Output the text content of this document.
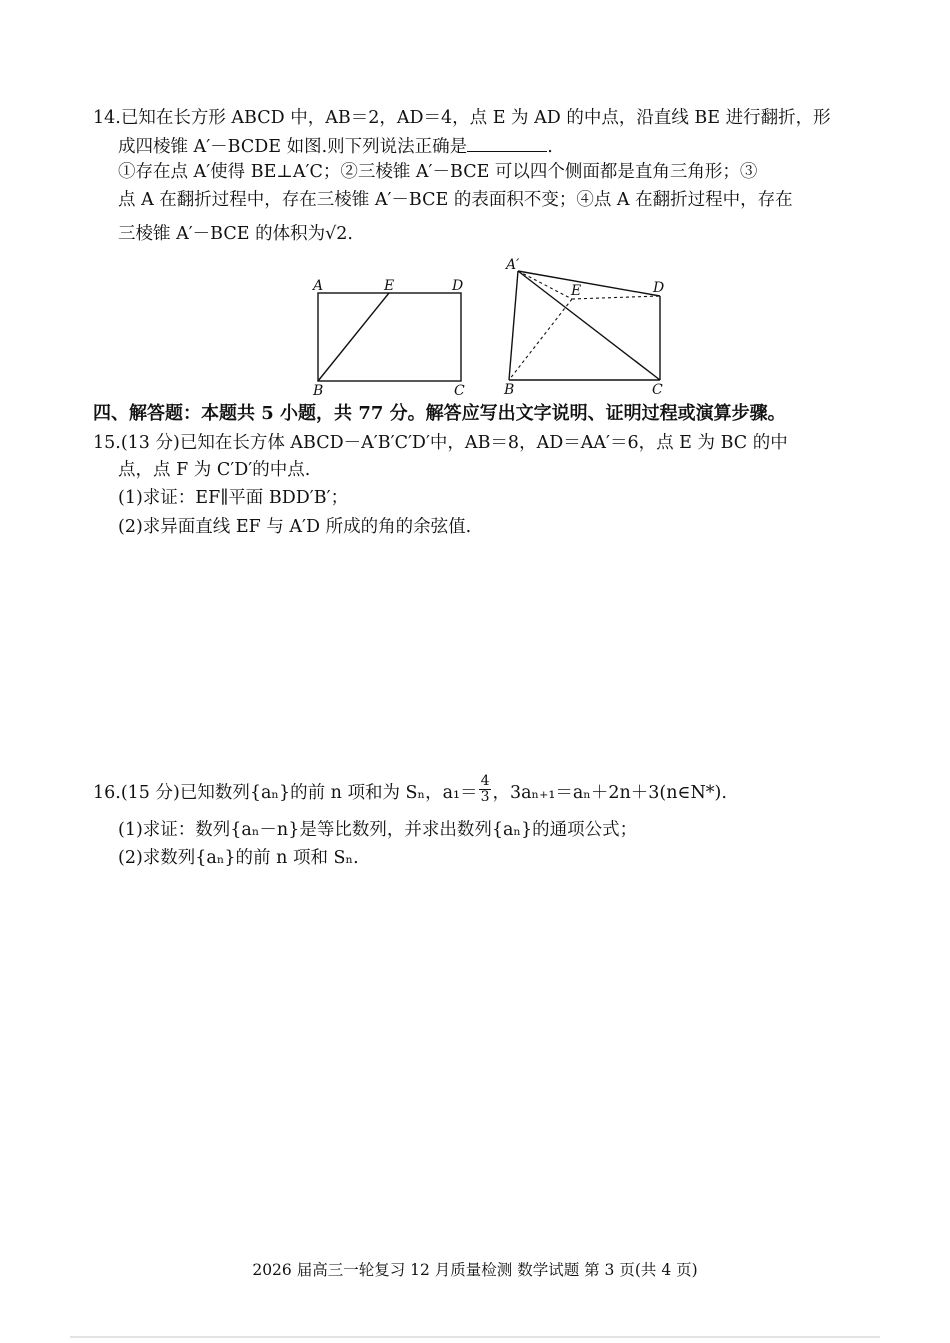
14.已知在长方形 ABCD 中，AB＝2，AD＝4，点 E 为 AD 的中点，沿直线 BE 进行翻折，形
成四棱锥 A′－BCDE 如图.则下列说法正确是	.
①存在点 A′使得 BE⊥A′C；②三棱锥 A′－BCE 可以四个侧面都是直角三角形；③
点 A 在翻折过程中，存在三棱锥 A′－BCE 的表面积不变；④点 A 在翻折过程中，存在
三棱锥 A′－BCE 的体积为√2.
A	E	D
B	C
A′
E	D
B	C
四、解答题：本题共 5 小题，共 77 分。解答应写出文字说明、证明过程或演算步骤。
15.(13 分)已知在长方体 ABCD－A′B′C′D′中，AB＝8，AD＝AA′＝6，点 E 为 BC 的中
点，点 F 为 C′D′的中点.
(1)求证：EF∥平面 BDD′B′；
(2)求异面直线 EF 与 A′D 所成的角的余弦值.
16.(15 分)已知数列{aₙ}的前 n 项和为 Sₙ，$a_1= \frac{4}{3}$ ，3aₙ₊₁＝aₙ＋2n＋3(n∈N*).
(1)求证：数列{aₙ－n}是等比数列，并求出数列{aₙ}的通项公式；
(2)求数列{aₙ}的前 n 项和 Sₙ.
2026 届高三一轮复习 12 月质量检测 数学试题 第 3 页(共 4 页)
